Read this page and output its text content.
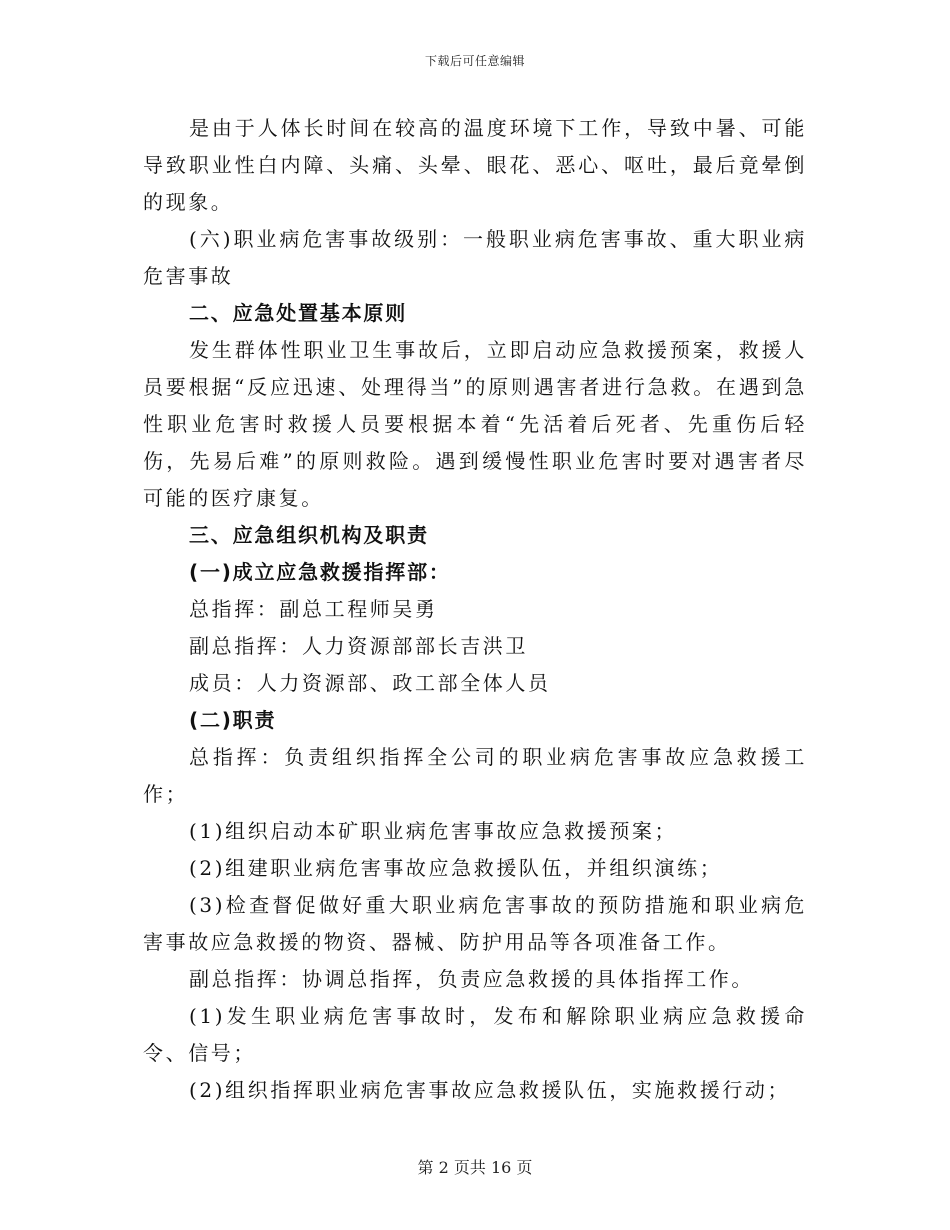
下载后可任意编辑

是由于人体长时间在较高的温度环境下工作，导致中暑、可能导致职业性白内障、头痛、头晕、眼花、恶心、呕吐，最后竟晕倒的现象。

(六)职业病危害事故级别：一般职业病危害事故、重大职业病危害事故

二、应急处置基本原则

发生群体性职业卫生事故后，立即启动应急救援预案，救援人员要根据“反应迅速、处理得当”的原则遇害者进行急救。在遇到急性职业危害时救援人员要根据本着“先活着后死者、先重伤后轻伤，先易后难”的原则救险。遇到缓慢性职业危害时要对遇害者尽可能的医疗康复。

三、应急组织机构及职责

(一)成立应急救援指挥部：

总指挥：副总工程师吴勇

副总指挥：人力资源部部长吉洪卫

成员：人力资源部、政工部全体人员

(二)职责

总指挥：负责组织指挥全公司的职业病危害事故应急救援工作；

(1)组织启动本矿职业病危害事故应急救援预案；

(2)组建职业病危害事故应急救援队伍，并组织演练；

(3)检查督促做好重大职业病危害事故的预防措施和职业病危害事故应急救援的物资、器械、防护用品等各项准备工作。

副总指挥：协调总指挥，负责应急救援的具体指挥工作。

(1)发生职业病危害事故时，发布和解除职业病应急救援命令、信号；

(2)组织指挥职业病危害事故应急救援队伍，实施救援行动；

第 2 页共 16 页
